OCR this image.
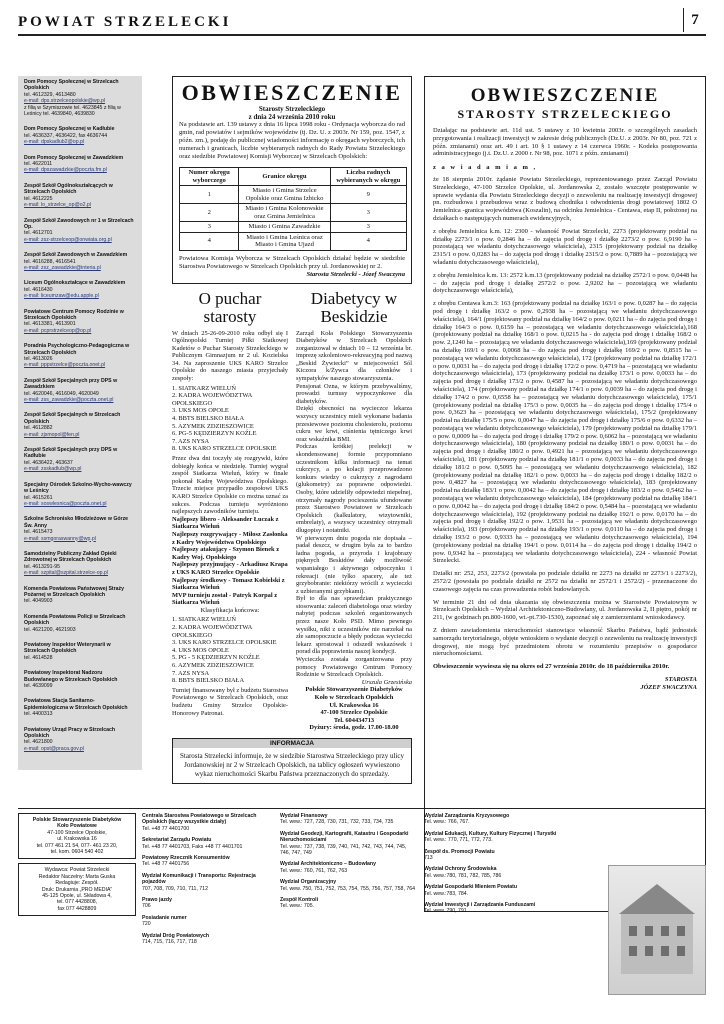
POWIAT STRZELECKI	7
Dom Pomocy Społecznej w Strzelcach Opolskich
tel. 4612329, 4613480
e-mail: dps.strzelceopolskie@wp.pl
z filią w Szymiszowie tel. 4623845 z filią w Leśnicy tel. 4639840, 4639830
Dom Pomocy Społecznej w Kadłubie
tel. 4636337, 4636422, fax 4636744
e-mail: dpskadlub2@op.pl
Dom Pomocy Społecznej w Zawadzkiem
tel. 4622011
e-mail: dpszawadzkie@poczta.fm.pl
Zespół Szkół Ogólnokształcących w Strzelcach Opolskich
tel. 4612225
e-mail: lo_strzelce_op@o2.pl
Zespół Szkół Zawodowych nr 1 w Strzelcach Op.
tel. 4612701
e-mail: zsz-strzelceop@onwiata.org.pl
Zespół Szkół Zawodowych w Zawadzkiem
tel. 4616288, 4616541
e-mail: zsz_zawadzkie@interia.pl
Liceum Ogólnokształcące w Zawadzkiem
tel. 4616430
e-mail: liceumzaw@edu.apple.pl
Powiatowe Centrum Pomocy Rodzinie w Strzelcach Opolskich
tel. 4613381, 4613901
e-mail: pcprstrzelceop@op.pl
Poradnia Psychologiczno-Pedagogiczna w Strzelcach Opolskich
tel. 4613026
e-mail: pppstrzelce@poczta.onet.pl
Zespół Szkół Specjalnych przy DPS w Zawadzkiem
tel. 4620046, 4616049, 4620049
e-mail: zss_zawadzkie@poczta.onet.pl
Zespół Szkół Specjalnych w Strzelcach Opolskich
tel. 4612882
e-mail: zjsmopol@fen.pl
Zespół Szkół Specjalnych przy DPS w Kadłubie
tel. 4636422, 463637
e-mail: zsskadlub@wp.pl
Specjalny Ośrodek Szkolno-Wycho-wawczy w Leśnicy
tel. 4615261
e-mail: soswlesnica@poczta.onet.pl
Szkolne Schronisko Młodzieżowe w Górze Św. Anny
tel. 4615473
e-mail: ssmgoraswanny@wp.pl
Samodzielny Publiczny Zakład Opieki Zdrowotnej w Strzelcach Opolskich
tel. 4613291-95
e-mail: szpital@szpital.strzelce-op.pl
Komenda Powiatowa Państwowej Straży Pożarnej w Strzelcach Opolskich
tel. 4049903
Komenda Powiatowa Policji w Strzelcach Opolskich
tel. 4621200, 4621903
Powiatowy Inspektor Weterynarii w Strzelcach Opolskich
tel. 4614528
Powiatowy Inspektorat Nadzoru Budowlanego w Strzelcach Opolskich
tel. 4639099
Powiatowa Stacja Sanitarno-Epidemiologiczna w Strzelcach Opolskich
tel. 4400313
Powiatowy Urząd Pracy w Strzelcach Opolskich
tel. 4621800
e-mail: opst@praca.gov.pl
OBWIESZCZENIE
Starosty Strzeleckiego
z dnia 24 września 2010 roku
Na podstawie art. 139 ustawy z dnia 16 lipca 1998 roku - Ordynacja wyborcza do rad gmin, rad powiatów i sejmików województw (tj. Dz. U. z 2003r. Nr 159, poz. 1547, z późn. zm.), podaję do publicznej wiadomości informację o okręgach wyborczych, ich numerach i granicach, liczbie wybieranych radnych do Rady Powiatu Strzeleckiego oraz siedzibie Powiatowej Komisji Wyborczej w Strzelcach Opolskich:
Numer okręgu wyborczego	Granice okręgu	Liczba radnych wybieranych w okręgu
1	Miasto i Gmina Strzelce Opolskie oraz Gmina Izbicko	9
2	Miasto i Gmina Kolonowskie oraz Gmina Jemielnica	3
3	Miasto i Gmina Zawadzkie	3
4	Miasto i Gmina Leśnica oraz Miasto i Gmina Ujazd	4
Powiatowa Komisja Wyborcza w Strzelcach Opolskich działać będzie w siedzibie Starostwa Powiatowego w Strzelcach Opolskich przy ul. Jordanowskiej nr 2.
Starosta Strzelecki - Józef Swaczyna
O puchar starosty
W dniach 25-26-09-2010 roku odbył się I Ogólnopolski Turniej Piłki Siatkowej Kadetów o Puchar Starosty Strzeleckiego w Publicznym Gimnazjum nr 2 ul. Kozielska 34. Na zaproszenie UKS KARO Strzelce Opolskie do naszego miasta przyjechały zespoły:
1. SIATKARZ WIELUŃ
2. KADRA WOJEWÓDZTWA OPOLSKIEGO
3. UKS MOS OPOLE
4. BBTS BIELSKO BIAŁA
5. AZYMEK ZDZIESZOWICE
6. PG-5 KĘDZIERZYN KOŹLE
7. AZS NYSA
8. UKS KARO STRZELCE OPOLSKIE
Przez dwa dni toczyły się rozgrywki, które dobiegły końca w niedzielę. Turniej wygrał zespół Siatkarza Wieluń, który w finale pokonał Kadrę Województwa Opolskiego. Trzecie miejsce przypadło zespołowi UKS KARO Strzelce Opolskie co można uznać za sukces. Podczas turnieju wyróżniono najlepszych zawodników turnieju.
Najlepszy libero - Aleksander Łuczak z Siatkarza Wieluń
Najlepszy rozgrywający - Miłosz Zasłonka z Kadry Województwa Opolskiego
Najlepszy atakujący - Szymon Bienek z Kadry Woj. Opolskiego
Najlepszy przyjmujący - Arkadiusz Krapa z UKS KARO Strzelce Opolskie
Najlepszy środkowy - Tomasz Kobielski z Siatkarza Wieluń
MVP turnieju został - Patryk Korpal z Siatkarza Wieluń
Klasyfikacja końcowa:
1. SIATKARZ WIELUŃ
2. KADRA WOJEWÓDZTWA OPOLSKIEGO
3. UKS KARO STRZELCE OPOLSKIE
4. UKS MOS OPOLE
5. PG - 5 KĘDZIERZYN KOŹLE
6. AZYMEK ZDZIESZOWICE
7. AZS NYSA
8. BBTS BIELSKO BIAŁA
Turniej finansowany był z budżetu Starostwa Powiatowego w Strzelcach Opolskich, oraz budżetu Gminy Strzelce Opolskie- Honorowy Patronat.
Diabetycy w Beskidzie
Zarząd Koła Polskiego Stowarzyszenia Diabetyków w Strzelcach Opolskich zorganizował w dniach 10 – 12 września br. imprezę szkoleniowo-rekreacyjną pod nazwą „Beskid Żywiecki” w miejscowości Sól Kiczora k/Żywca dla członków i sympatyków naszego stowarzyszenia.
Pensjonat Ozna, w którym przebywaliśmy, prowadzi turnusy wypoczynkowe dla diabetyków.
Dzięki obecności na wycieczce lekarza wszyscy uczestnicy mieli wykonane badania przesiewowe poziomu cholesterolu, poziomu cukru we krwi, ciśnienia tętniczego krwi oraz wskaźnika BMI.
Podczas krótkiej prelekcji w skondensowanej formie przypomniano uczestnikom kilka informacji na temat cukrzycy, a po kolacji przeprowadzono konkurs wiedzy o cukrzycy z nagrodami (glukometry) za poprawne odpowiedzi. Osoby, które udzieliły odpowiedzi niepełnej, otrzymały nagrody pocieszenia ufundowane przez Starostwo Powiatowe w Strzelcach Opolskich (kalkulatory, wizytowniki, embrelaty), a wszyscy uczestnicy otrzymali dlugopisy i notatniki.
W pierwszym dniu pogoda nie dopisała – padał deszcz, w drugim była za to bardzo ładna pogoda, a przyroda i krajobrazy pięknych Beskidów dały możliwość wspaniałego i aktywnego odpoczynku i rekreacji (nie tylko spacery, ale też grzybobranie: niektórzy wrócili z wycieczki z uzbieranymi grzybkami).
Był to dla nas sprawdzian praktycznego stosowania: zaleceń diabetologa oraz wiedzy nabytej podczas szkoleń organizowanych przez nasze Koło PSD. Mimo pewnego wysiłku, nikt z uczestników nie narzekał na złe samopoczucie a błędy podczas wycieczki lekarz sprostował i odszedł wskazówek i porad dla poprawienia naszej kondycji.
Wycieczka została zorganizowana przy pomocy Powiatowego Centrum Pomocy Rodzinie w Strzelcach Opolskich.
Urszula Grzesińska
Polskie Stowarzyszenie Diabetyków
Koło w Strzelcach Opolskich
Ul. Krakowska 16
47-100 Strzelce Opolskie
Tel. 604434713
Dyżury: środa, godz. 17.00-18.00
INFORMACJA
Starosta Strzelecki informuje, że w siedzibie Starostwa Strzeleckiego przy ulicy Jordanowskiej nr 2 w Strzelcach Opolskich, na tablicy ogłoszeń wywieszono wykaz nieruchomości Skarbu Państwa przeznaczonych do sprzedaży.
OBWIESZCZENIE
STAROSTY STRZELECKIEGO

Działając na podstawie art. 11d ust. 5 ustawy z 10 kwietnia 2003r. o szczególnych zasadach przygotowania i realizacji inwestycji w zakresie dróg publicznych (Dz.U. z 2003r. Nr 80, poz. 721 z późn. zmianami) oraz art. 49 i art. 10 § 1 ustawy z 14 czerwca 1960r. - Kodeks postępowania administracyjnego (j.t. Dz.U. z 2000 r. Nr 98, poz. 1071 z późn. zmianami)

z a w i a d a m i a m ,

że 18 sierpnia 2010r. żądanie Powiatu Strzeleckiego, reprezentowanego przez Zarząd Powiatu Strzeleckiego, 47-100 Strzelce Opolskie, ul. Jordanowska 2, zostało wszczęte postępowanie w sprawie wydania dla Powiatu Strzeleckiego decyzji o zezwoleniu na realizację inwestycji drogowej pn. rozbudowa i przebudowa wraz z budową chodnika i odwodnienia drogi powiatowej 1802 O Jemielnica -granica województwa (Koszalin), na odcinku Jemielnica - Centawa, etap II, położonej na działkach o następujących numerach ewidencyjnych,

z obrębu Jemielnica k.m. 12: 2300 - własność Powiat Strzelecki, 2273 (projektowany podział na działkę 2273/1 o pow. 0,2846 ha – do zajęcia pod drogę i działkę 2273/2 o pow. 6,9190 ha – pozostającą we władaniu dotychczasowego właściciela), 2315 (projektowany podział na działkę 2315/1 o pow. 0,0283 ha – do zajęcia pod drogę i działkę 2315/2 o pow. 0,7889 ha – pozostającą we władaniu dotychczasowego właściciela),

z obrębu Jemielnica k.m. 13: 2572 k.m.13 (projektowany podział na działkę 2572/1 o pow. 0,0448 ha – do zajęcia pod drogę i działkę 2572/2 o pow. 2,9202 ha – pozostającą we władaniu dotychczasowego właściciela),

z obrębu Centawa k.m.3: 163 (projektowany podział na działkę 163/1 o pow. 0,0287 ha – do zajęcia pod drogę i działkę 163/2 o pow. 0,2938 ha – pozostającą we władaniu dotychczasowego właściciela), 164/1 (projektowany podział na działkę 164/2 o pow. 0,0211 ha – do zajęcia pod drogę i działkę 164/3 o pow. 0,6159 ha – pozostającą we władaniu dotychczasowego właściciela),168 (projektowany podział na działkę 168/1 o pow. 0,0215 ha - do zajęcia pod drogę i działkę 168/2 o pow. 2,1240 ha – pozostającą we władaniu dotychczasowego właściciela),169 (projektowany podział na działkę 169/1 o pow. 0,0068 ha – do zajęcia pod drogę i działkę 169/2 o pow. 0,8515 ha – pozostającą we władaniu dotychczasowego właściciela), 172 (projektowany podział na działkę 172/1 o pow. 0,0031 ha – do zajęcia pod drogę i działkę 172/2 o pow. 0,4719 ha – pozostającą we władaniu dotychczasowego właściciela), 173 (projektowany podział na działkę 173/1 o pow. 0,0033 ha – do zajęcia pod drogę i działkę 173/2 o pow. 0,4587 ha – pozostającą we władaniu dotychczasowego właściciela), 174 (projektowany podział na działkę 174/1 o pow. 0,0039 ha – do zajęcia pod drogę i działkę 174/2 o pow. 0,6558 ha – pozostającą we władaniu dotychczasowego właściciela), 175/1 (projektowany podział na działkę 175/3 o pow. 0,0035 ha – do zajęcia pod drogę i działkę 175/4 o pow. 0,3623 ha – pozostającą we władaniu dotychczasowego właściciela), 175/2 (projektowany podział na działkę 175/5 o pow. 0,0047 ha – do zajęcia pod drogę i działkę 175/6 o pow. 0,6332 ha – pozostającą we władaniu dotychczasowego właściciela), 179 (projektowany podział na działkę 179/1 o pow. 0,0009 ha – do zajęcia pod drogę i działkę 179/2 o pow. 0,6062 ha – pozostającą we władaniu dotychczasowego właściciela), 180 (projektowany podział na działkę 180/1 o pow. 0,0031 ha – do zajęcia pod drogę i działkę 180/2 o pow. 0,4921 ha – pozostającą we władaniu dotychczasowego właściciela), 181 (projektowany podział na działkę 181/1 o pow. 0,0033 ha – do zajęcia pod drogę i działkę 181/2 o pow. 0,5095 ha – pozostającą we władaniu dotychczasowego właściciela), 182 (projektowany podział na działkę 182/1 o pow. 0,0033 ha – do zajęcia pod drogę i działkę 182/2 o pow. 0,4827 ha – pozostającą we władaniu dotychczasowego właściciela), 183 (projektowany podział na działkę 183/1 o pow. 0,0042 ha – do zajęcia pod drogę i działkę 183/2 o pow. 0,5462 ha – pozostającą we władaniu dotychczasowego właściciela), 184 (projektowany podział na działkę 184/1 o pow. 0,0042 ha – do zajęcia pod drogę i działkę 184/2 o pow. 0,5484 ha – pozostającą we władaniu dotychczasowego właściciela), 192 (projektowany podział na działkę 192/1 o pow. 0,0170 ha – do zajęcia pod drogę i działkę 192/2 o pow. 1,9531 ha – pozostającą we władaniu dotychczasowego właściciela), 193 (projektowany podział na działkę 193/1 o pow. 0,0110 ha – do zajęcia pod drogę i działkę 193/2 o pow. 0,9333 ha – pozostającą we władaniu dotychczasowego właściciela), 194 (projektowany podział na działkę 194/1 o pow. 0,0114 ha – do zajęcia pod drogę i działkę 194/2 o pow. 0,9342 ha – pozostającą we władaniu dotychczasowego właściciela), 224 - własność Powiat Strzelecki.

Działki nr: 252, 253, 2273/2 (powstała po podziale działki nr 2273 na działki nr 2273/1 i 2273/2), 2572/2 (powstała po podziale działki nr 2572 na działki nr 2572/1 i 2572/2) - przeznaczone do czasowego zajęcia na czas prowadzenia robót budowlanych.

W terminie 21 dni od dnia ukazania się obwieszczenia można w Starostwie Powiatowym w Strzelcach Opolskich – Wydział Architektoniczno-Budowlany, ul. Jordanowska 2, II piętro, pokój nr 211, (w godzinach pn.800-1600, wt.-pt.730-1530), zapoznać się z zamierzeniami wnioskodawcy.

Z dniem zawiadomienia nieruchomości stanowiące własność Skarbu Państwa, bądź jednostek samorządu terytorialnego, objęte wnioskiem o wydanie decyzji o zezwoleniu na realizację inwestycji drogowej, nie mogą być przedmiotem obrotu w rozumieniu przepisów o gospodarce nieruchomościami.

Obwieszczenie wywiesza się na okres od 27 września 2010r. do 18 października 2010r.

STAROSTA
JÓZEF SWACZYNA
Polskie Stowarzyszenie Diabetyków
Koło Powiatowe
47-100 Strzelce Opolskie,
ul. Krakowska 16
tel. 077 461 21 54, 077- 461 23 20,
tel. kom. 0604 540 402
Wydawca: Powiat Strzelecki
Redaktor Naczelny: Marta Guska
Redagiuje: Zespół.
Druk: Drukarnia „PRO MEDIA”
45-125 Opole, ul. Składowa 4,
tel. 077 4428808,
fax 077 4428809
Centrala Starostwa Powiatowego w Strzelcach Opolskich (łączy wszystkie działy)
Tel. +48 77 4401700
Sekretariat Zarządu Powiatu
Tel. +48 77 4401703, Faks +48 77 4401701
Powiatowy Rzecznik Konsumentów
Tel. +48 77 4401756
Wydział Komunikacji i Transportu: Rejestracja pojazdów
707, 708, 709, 710, 711, 712
Prawo jazdy
706
Posiadanie numer
720
Wydział Dróg Powiatowych
714, 715, 716, 717, 718
Wydział Finansowy
Tel. wew.: 727, 728, 730, 731, 732, 733, 734, 735
Wydział Geodezji, Kartografii, Katastru i Gospodarki Nieruchomościami
Tel. wew.: 737, 738, 739, 740, 741, 742, 743, 744, 745, 746, 747, 749
Wydział Architektoniczno – Budowlany
Tel. wew.: 760, 761, 762, 763
Wydział Organizacyjny
Tel. wew. 750, 751, 752, 753, 754, 755, 756, 757, 758, 764
Zespół Kontroli
Tel. wew.: 705.
Wydział Zarządzania Kryzysowego
Tel. wew.: 766, 767.
Wydział Edukacji, Kultury, Kultury Fizycznej i Turystki
Tel. wew.: 770, 771, 772, 773.
Zespół ds. Promocji Powiatu
713
Wydział Ochrony Środowiska
Tel. wew.:780, 781, 782, 785, 786
Wydział Gospodarki Mieniem Powiatu
Tel. wew.:783, 784.
Wydział Inwestycji i Zarządzania Funduszami
Tel. wew. 790, 791
